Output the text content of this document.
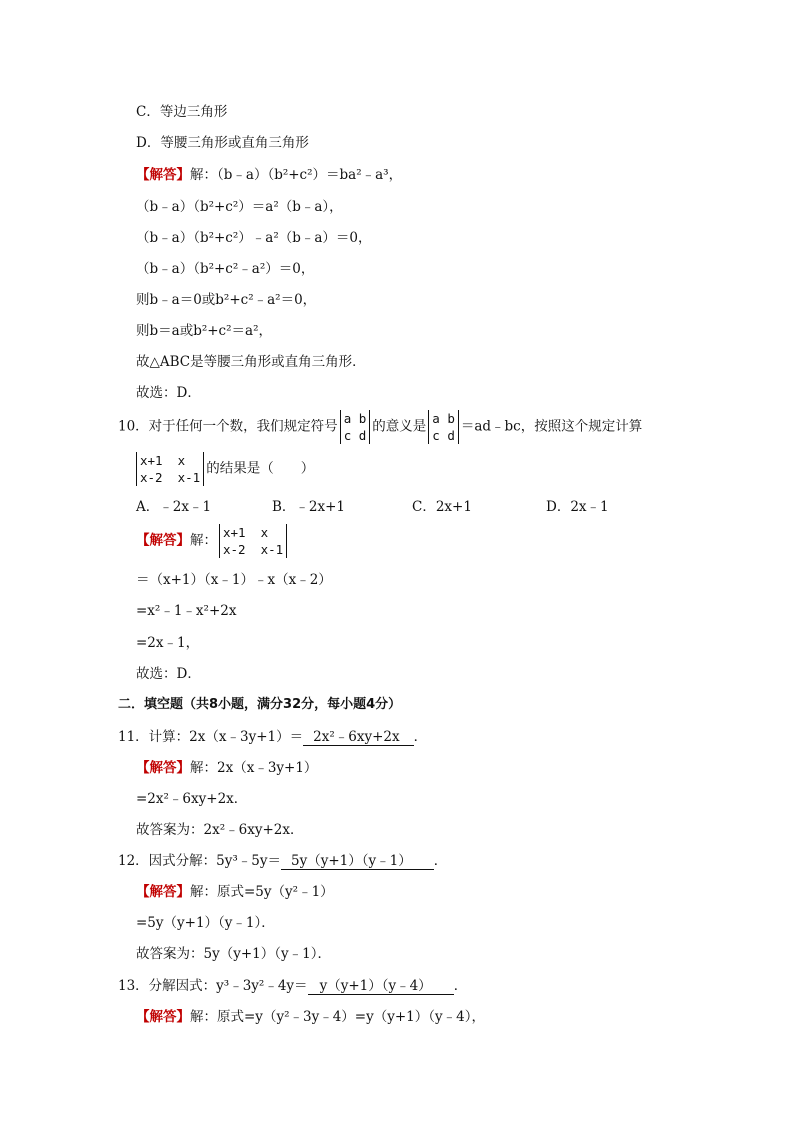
C．等边三角形
D．等腰三角形或直角三角形
【解答】解：（b﹣a）（b²+c²）＝ba²﹣a³，
（b﹣a）（b²+c²）＝a²（b﹣a），
（b﹣a）（b²+c²）﹣a²（b﹣a）＝0，
（b﹣a）（b²+c²﹣a²）＝0，
则b﹣a＝0或b²+c²﹣a²＝0，
则b＝a或b²+c²＝a²，
故△ABC是等腰三角形或直角三角形．
故选：D．
10．对于任何一个数，我们规定符号 a b
c d
的意义是 a b
c d
＝ad﹣bc，按照这个规定计算
x+1  x
x-2  x-1
的结果是（　　）
A．﹣2x﹣1	B．﹣2x+1	C．2x+1	D．2x﹣1
【解答】解： x+1  x
x-2  x-1
＝（x+1）（x﹣1）﹣x（x﹣2）
=x²﹣1﹣x²+2x
=2x﹣1，
故选：D．
二．填空题（共8小题，满分32分，每小题4分）
11．计算：2x（x﹣3y+1）＝ 2x²﹣6xy+2x ．
【解答】解：2x（x﹣3y+1）
=2x²﹣6xy+2x．
故答案为：2x²﹣6xy+2x．
12．因式分解：5y³﹣5y＝ 5y（y+1）（y﹣1） ．
【解答】解：原式=5y（y²﹣1）
=5y（y+1）（y﹣1）．
故答案为：5y（y+1）（y﹣1）．
13．分解因式：y³﹣3y²﹣4y＝ y（y+1）（y﹣4） ．
【解答】解：原式=y（y²﹣3y﹣4）=y（y+1）（y﹣4），
